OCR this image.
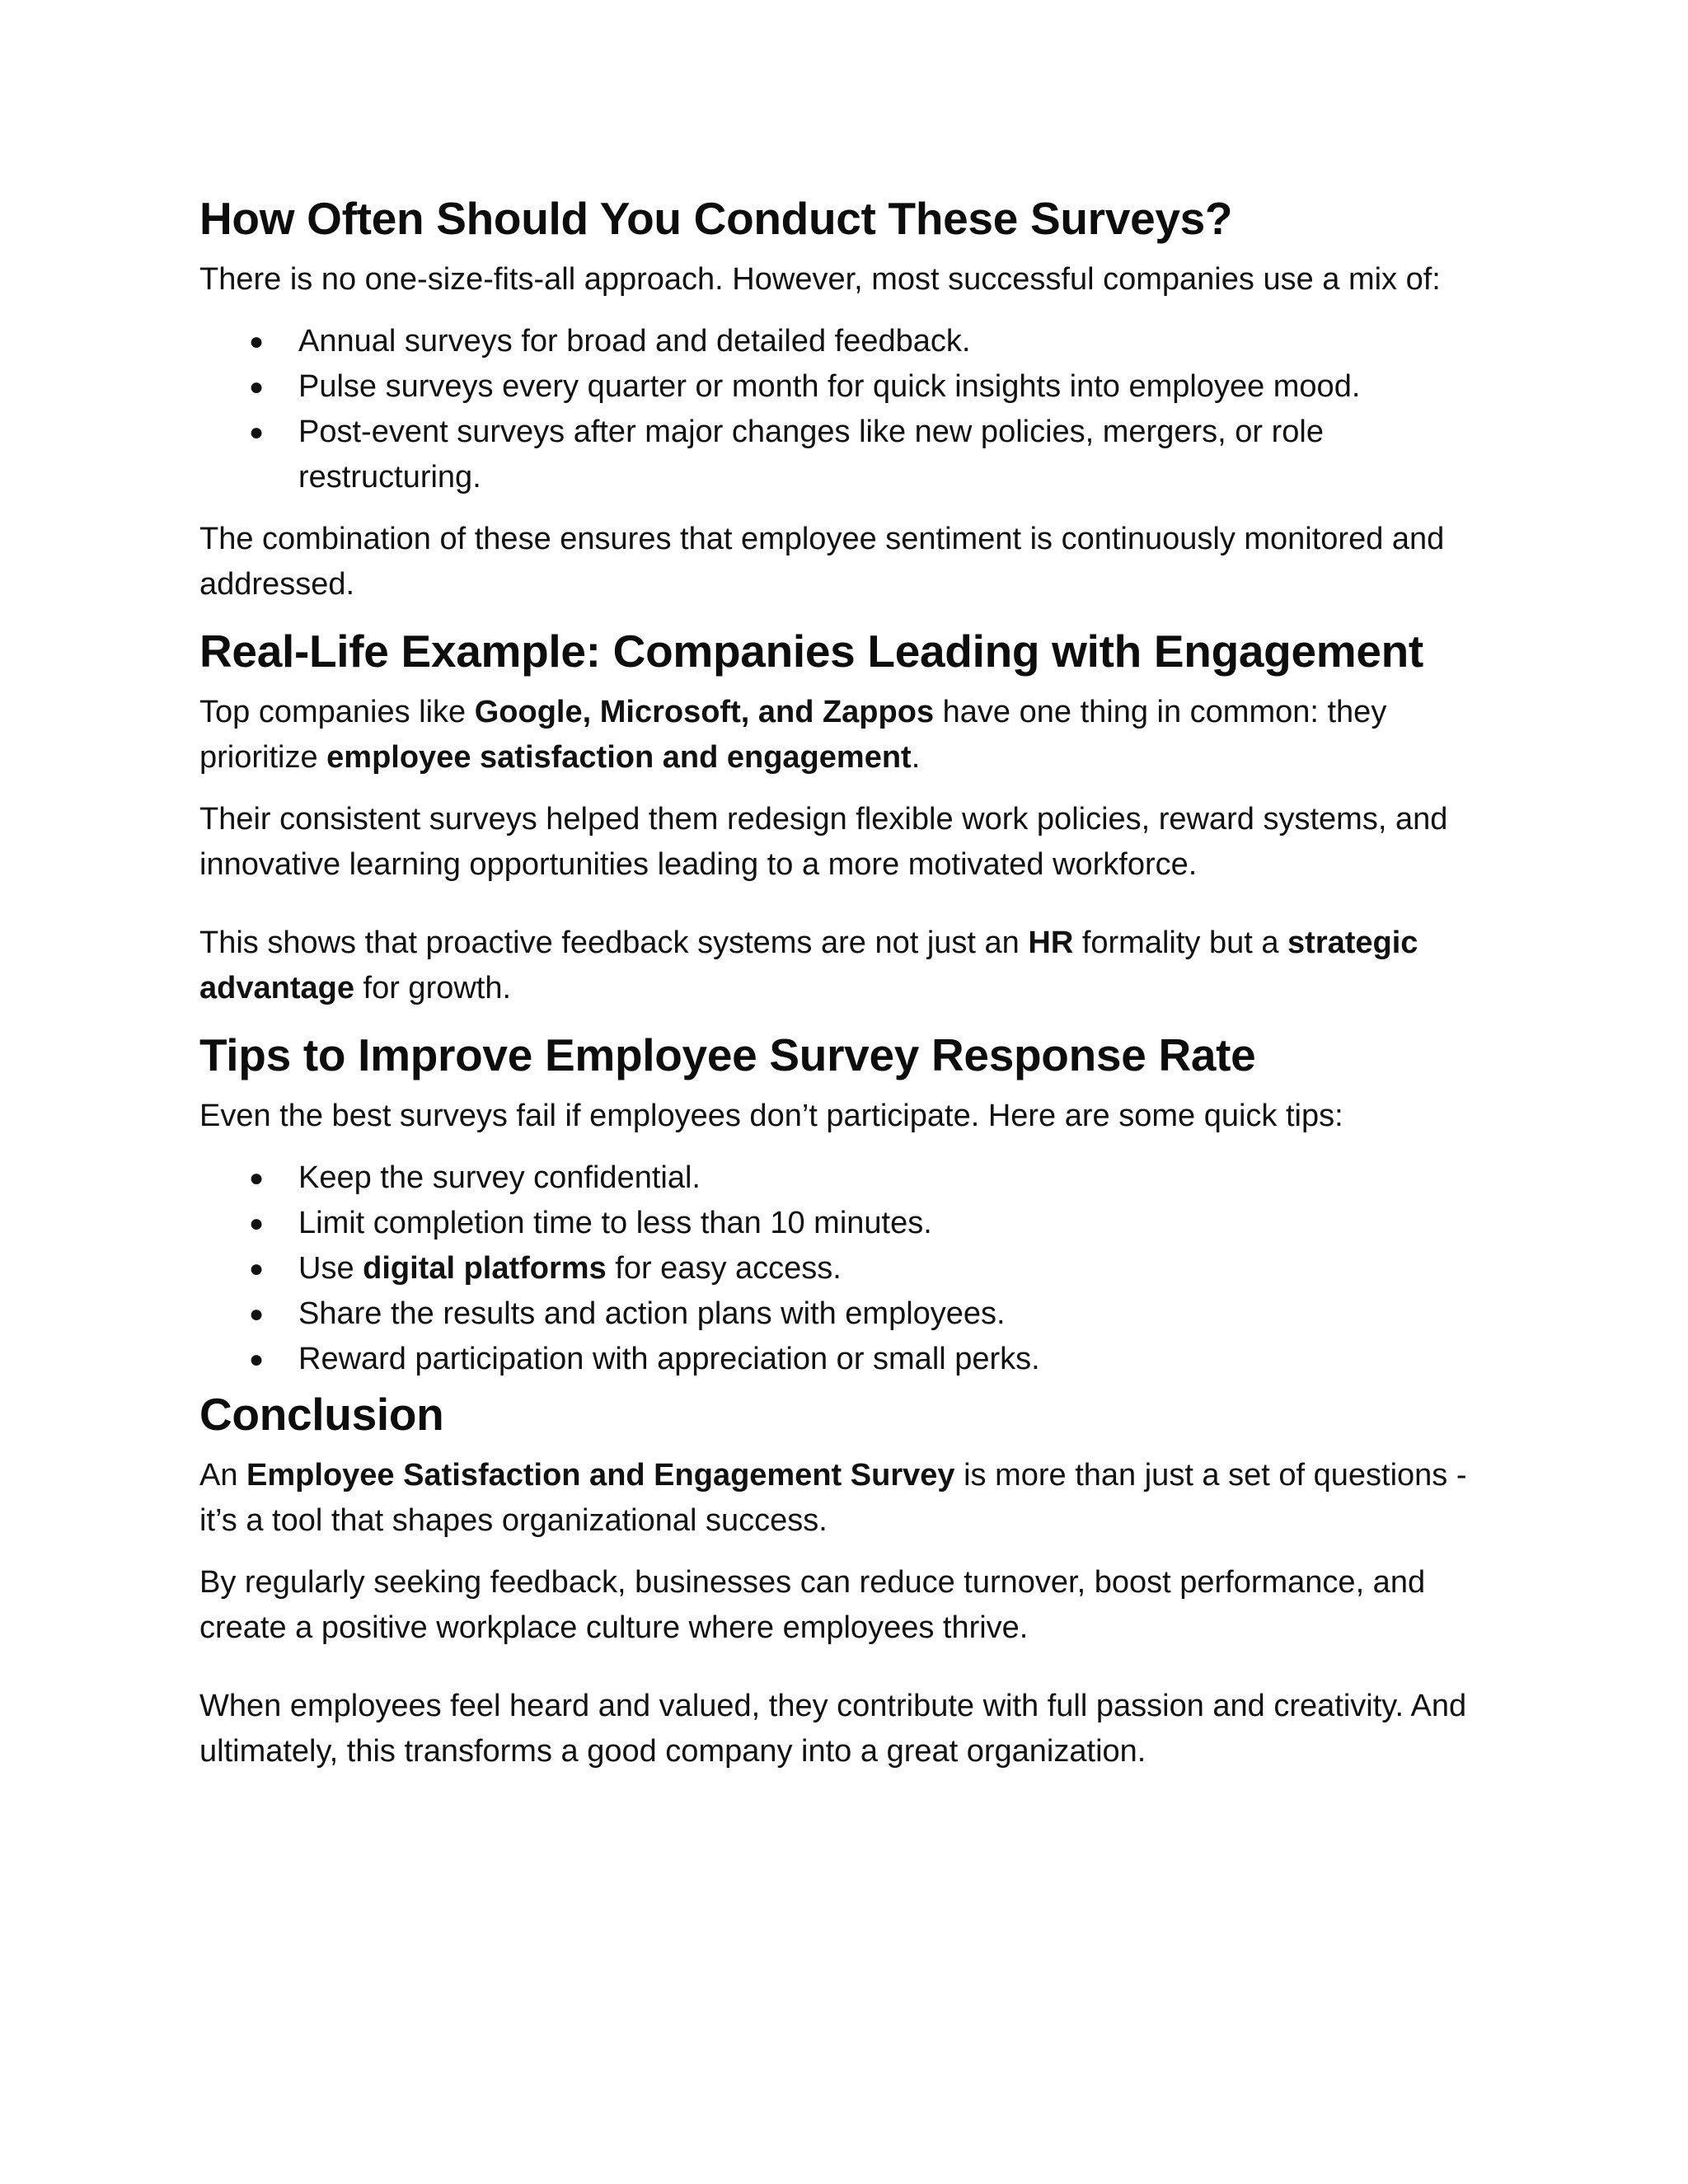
How Often Should You Conduct These Surveys?

There is no one-size-fits-all approach. However, most successful companies use a mix of:

● Annual surveys for broad and detailed feedback.
● Pulse surveys every quarter or month for quick insights into employee mood.
● Post-event surveys after major changes like new policies, mergers, or role restructuring.

The combination of these ensures that employee sentiment is continuously monitored and addressed.

Real-Life Example: Companies Leading with Engagement

Top companies like Google, Microsoft, and Zappos have one thing in common: they prioritize employee satisfaction and engagement.

Their consistent surveys helped them redesign flexible work policies, reward systems, and innovative learning opportunities leading to a more motivated workforce.

This shows that proactive feedback systems are not just an HR formality but a strategic advantage for growth.

Tips to Improve Employee Survey Response Rate

Even the best surveys fail if employees don’t participate. Here are some quick tips:

● Keep the survey confidential.
● Limit completion time to less than 10 minutes.
● Use digital platforms for easy access.
● Share the results and action plans with employees.
● Reward participation with appreciation or small perks.
Conclusion

An Employee Satisfaction and Engagement Survey is more than just a set of questions - it’s a tool that shapes organizational success.

By regularly seeking feedback, businesses can reduce turnover, boost performance, and create a positive workplace culture where employees thrive.

When employees feel heard and valued, they contribute with full passion and creativity. And ultimately, this transforms a good company into a great organization.
